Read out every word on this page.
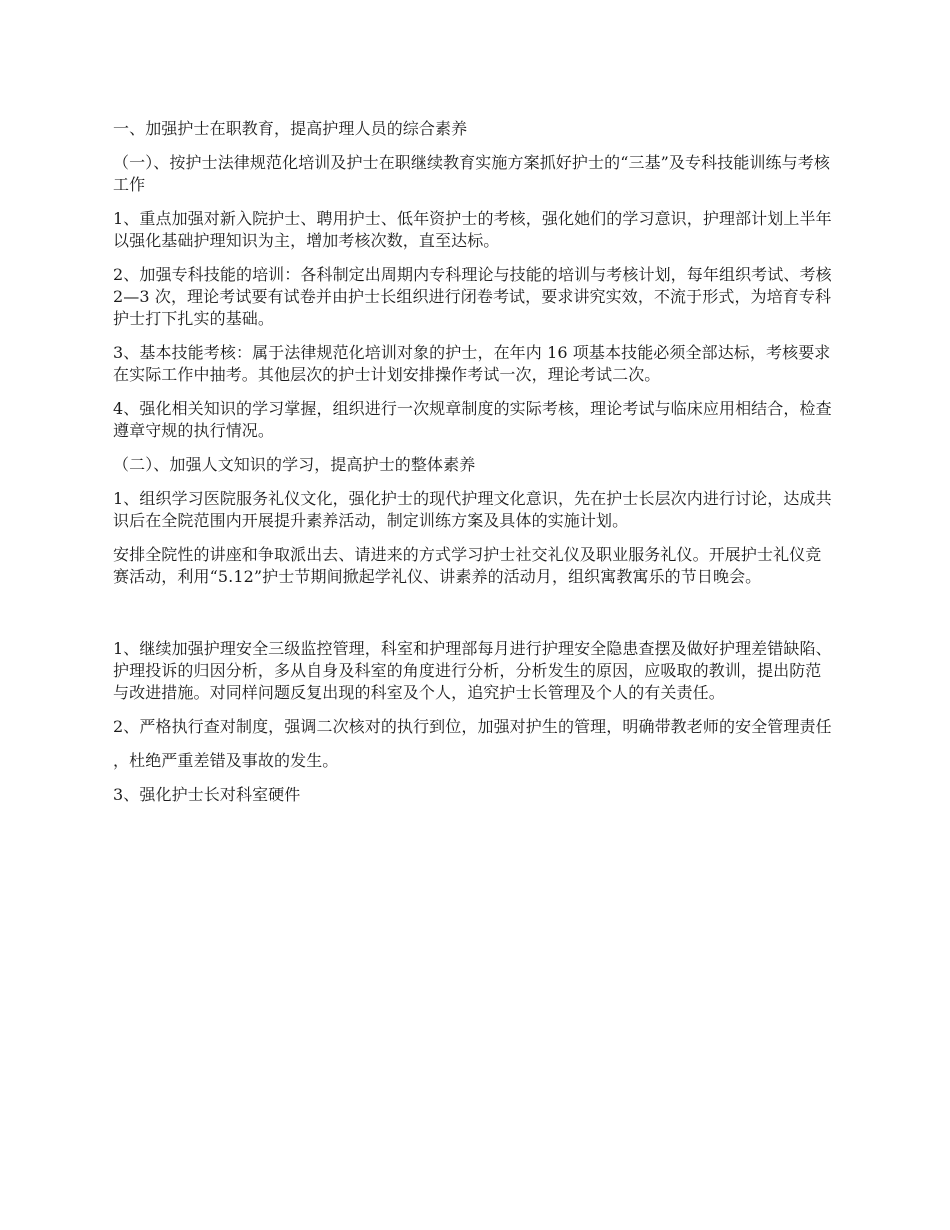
一、加强护士在职教育，提高护理人员的综合素养

（一）、按护士法律规范化培训及护士在职继续教育实施方案抓好护士的“三基”及专科技能训练与考核工作

1、重点加强对新入院护士、聘用护士、低年资护士的考核，强化她们的学习意识，护理部计划上半年以强化基础护理知识为主，增加考核次数，直至达标。

2、加强专科技能的培训：各科制定出周期内专科理论与技能的培训与考核计划，每年组织考试、考核 2—3 次，理论考试要有试卷并由护士长组织进行闭卷考试，要求讲究实效，不流于形式，为培育专科护士打下扎实的基础。

3、基本技能考核：属于法律规范化培训对象的护士，在年内 16 项基本技能必须全部达标，考核要求在实际工作中抽考。其他层次的护士计划安排操作考试一次，理论考试二次。

4、强化相关知识的学习掌握，组织进行一次规章制度的实际考核，理论考试与临床应用相结合，检查遵章守规的执行情况。

（二）、加强人文知识的学习，提高护士的整体素养

1、组织学习医院服务礼仪文化，强化护士的现代护理文化意识，先在护士长层次内进行讨论，达成共识后在全院范围内开展提升素养活动，制定训练方案及具体的实施计划。

安排全院性的讲座和争取派出去、请进来的方式学习护士社交礼仪及职业服务礼仪。开展护士礼仪竞赛活动，利用“5.12”护士节期间掀起学礼仪、讲素养的活动月，组织寓教寓乐的节日晚会。

1、继续加强护理安全三级监控管理，科室和护理部每月进行护理安全隐患查摆及做好护理差错缺陷、护理投诉的归因分析，多从自身及科室的角度进行分析，分析发生的原因，应吸取的教训，提出防范与改进措施。对同样问题反复出现的科室及个人，追究护士长管理及个人的有关责任。

2、严格执行查对制度，强调二次核对的执行到位，加强对护生的管理，明确带教老师的安全管理责任

，杜绝严重差错及事故的发生。

3、强化护士长对科室硬件
